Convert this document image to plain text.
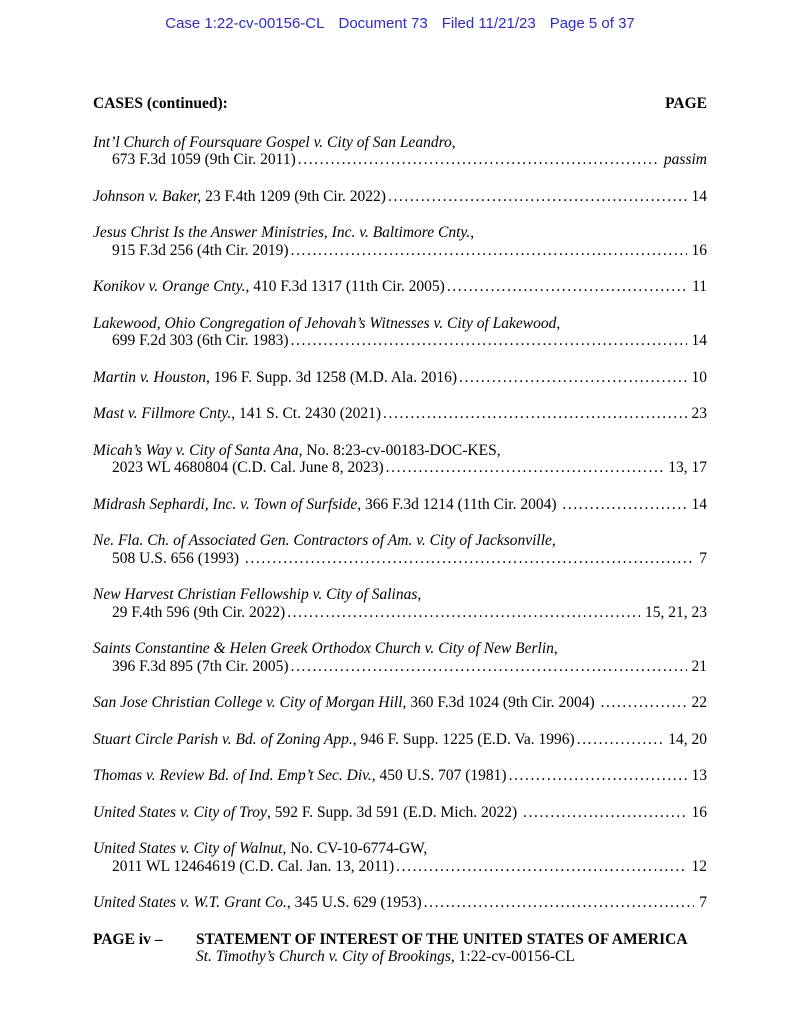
Case 1:22-cv-00156-CL Document 73 Filed 11/21/23 Page 5 of 37
CASES (continued):	PAGE
Int’l Church of Foursquare Gospel v. City of San Leandro,
673 F.3d 1059 (9th Cir. 2011) .....	passim
Johnson v. Baker, 23 F.4th 1209 (9th Cir. 2022) .....	14
Jesus Christ Is the Answer Ministries, Inc. v. Baltimore Cnty.,
915 F.3d 256 (4th Cir. 2019) .....	16
Konikov v. Orange Cnty. , 410 F.3d 1317 (11th Cir. 2005) .....	11
Lakewood, Ohio Congregation of Jehovah’s Witnesses v. City of Lakewood,
699 F.2d 303 (6th Cir. 1983) .....	14
Martin v. Houston , 196 F. Supp. 3d 1258 (M.D. Ala. 2016) .....	10
Mast v. Fillmore Cnty. , 141 S. Ct. 2430 (2021) .....	23
Micah’s Way v. City of Santa Ana, No. 8:23-cv-00183-DOC-KES,
2023 WL 4680804 (C.D. Cal. June 8, 2023) .....	13, 17
Midrash Sephardi, Inc. v. Town of Surfside , 366 F.3d 1214 (11th Cir. 2004) .....	14
Ne. Fla. Ch. of Associated Gen. Contractors of Am. v. City of Jacksonville,
508 U.S. 656 (1993) .....	7
New Harvest Christian Fellowship v. City of Salinas,
29 F.4th 596 (9th Cir. 2022) .....	15, 21, 23
Saints Constantine & Helen Greek Orthodox Church v. City of New Berlin,
396 F.3d 895 (7th Cir. 2005) .....	21
San Jose Christian College v. City of Morgan Hill , 360 F.3d 1024 (9th Cir. 2004) .....	22
Stuart Circle Parish v. Bd. of Zoning App. , 946 F. Supp. 1225 (E.D. Va. 1996) .....	14, 20
Thomas v. Review Bd. of Ind. Emp’t Sec. Div. , 450 U.S. 707 (1981) .....	13
United States v. City of Troy , 592 F. Supp. 3d 591 (E.D. Mich. 2022) .....	16
United States v. City of Walnut, No. CV-10-6774-GW,
2011 WL 12464619 (C.D. Cal. Jan. 13, 2011) .....	12
United States v. W.T. Grant Co. , 345 U.S. 629 (1953) .....	7
PAGE iv –	STATEMENT OF INTEREST OF THE UNITED STATES OF AMERICA
St. Timothy’s Church v. City of Brookings, 1:22-cv-00156-CL
